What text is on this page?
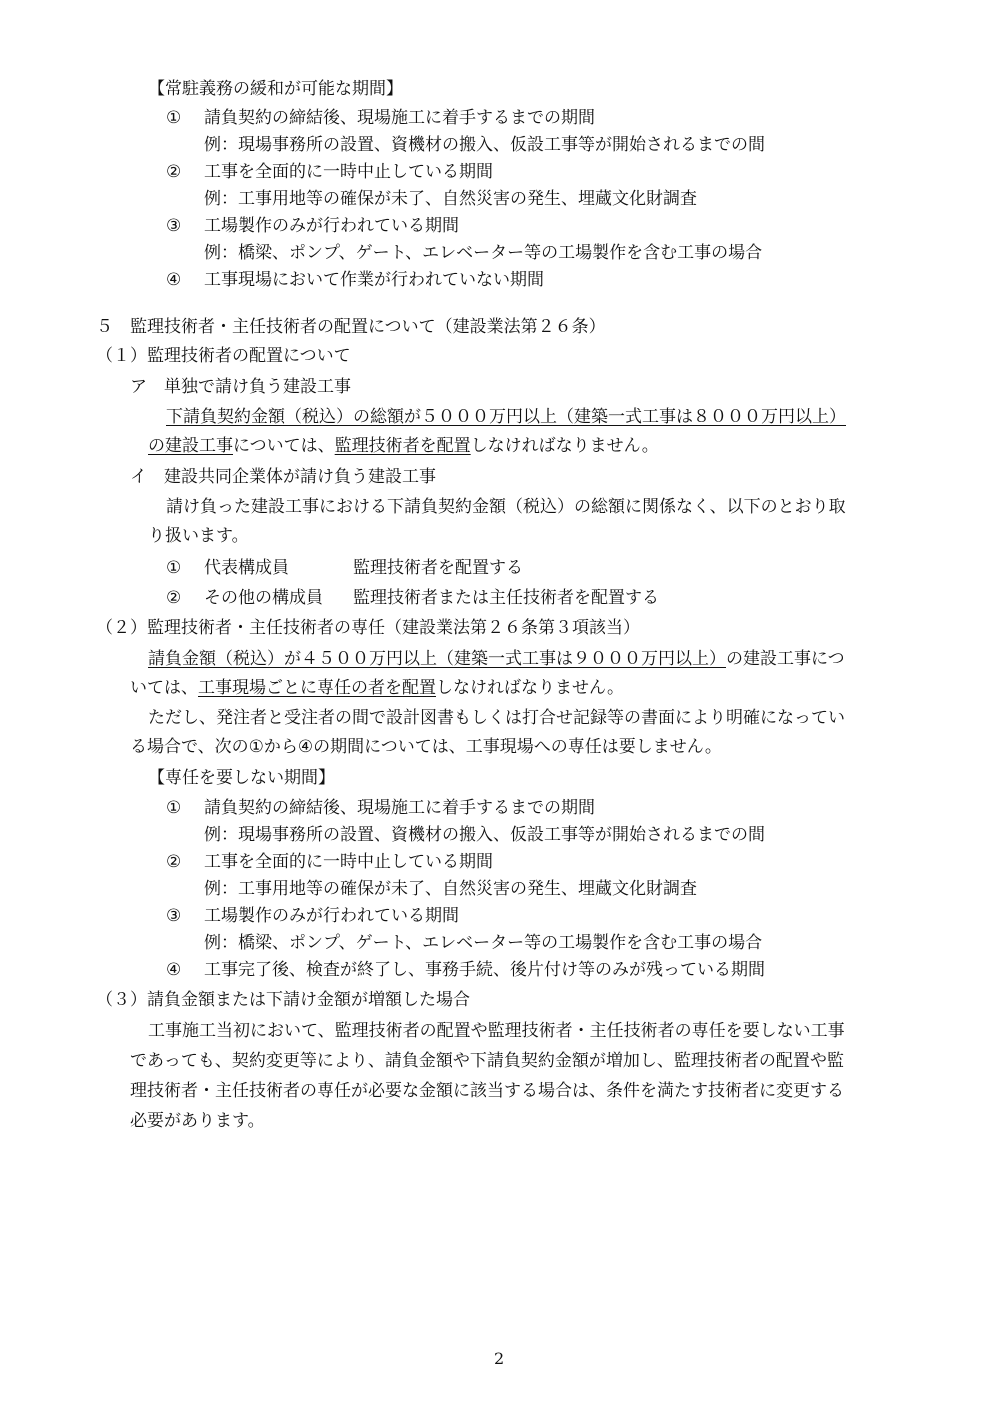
【常駐義務の緩和が可能な期間】
① 請負契約の締結後、現場施工に着手するまでの期間
例：現場事務所の設置、資機材の搬入、仮設工事等が開始されるまでの間
② 工事を全面的に一時中止している期間
例：工事用地等の確保が未了、自然災害の発生、埋蔵文化財調査
③ 工場製作のみが行われている期間
例：橋梁、ポンプ、ゲート、エレベーター等の工場製作を含む工事の場合
④ 工事現場において作業が行われていない期間
５　監理技術者・主任技術者の配置について（建設業法第２６条）
（１）監理技術者の配置について
ア　単独で請け負う建設工事
下請負契約金額（税込）の総額が５０００万円以上（建築一式工事は８０００万円以上）
の建設工事については、監理技術者を配置しなければなりません。
イ　建設共同企業体が請け負う建設工事
請け負った建設工事における下請負契約金額（税込）の総額に関係なく、以下のとおり取
り扱います。
① 代表構成員	監理技術者を配置する
② その他の構成員 監理技術者または主任技術者を配置する
（２）監理技術者・主任技術者の専任（建設業法第２６条第３項該当）
請負金額（税込）が４５００万円以上（建築一式工事は９０００万円以上）の建設工事につ
いては、工事現場ごとに専任の者を配置しなければなりません。
ただし、発注者と受注者の間で設計図書もしくは打合せ記録等の書面により明確になってい
る場合で、次の①から④の期間については、工事現場への専任は要しません。
【専任を要しない期間】
① 請負契約の締結後、現場施工に着手するまでの期間
例：現場事務所の設置、資機材の搬入、仮設工事等が開始されるまでの間
② 工事を全面的に一時中止している期間
例：工事用地等の確保が未了、自然災害の発生、埋蔵文化財調査
③ 工場製作のみが行われている期間
例：橋梁、ポンプ、ゲート、エレベーター等の工場製作を含む工事の場合
④ 工事完了後、検査が終了し、事務手続、後片付け等のみが残っている期間
（３）請負金額または下請け金額が増額した場合
工事施工当初において、監理技術者の配置や監理技術者・主任技術者の専任を要しない工事
であっても、契約変更等により、請負金額や下請負契約金額が増加し、監理技術者の配置や監
理技術者・主任技術者の専任が必要な金額に該当する場合は、条件を満たす技術者に変更する
必要があります。
2
